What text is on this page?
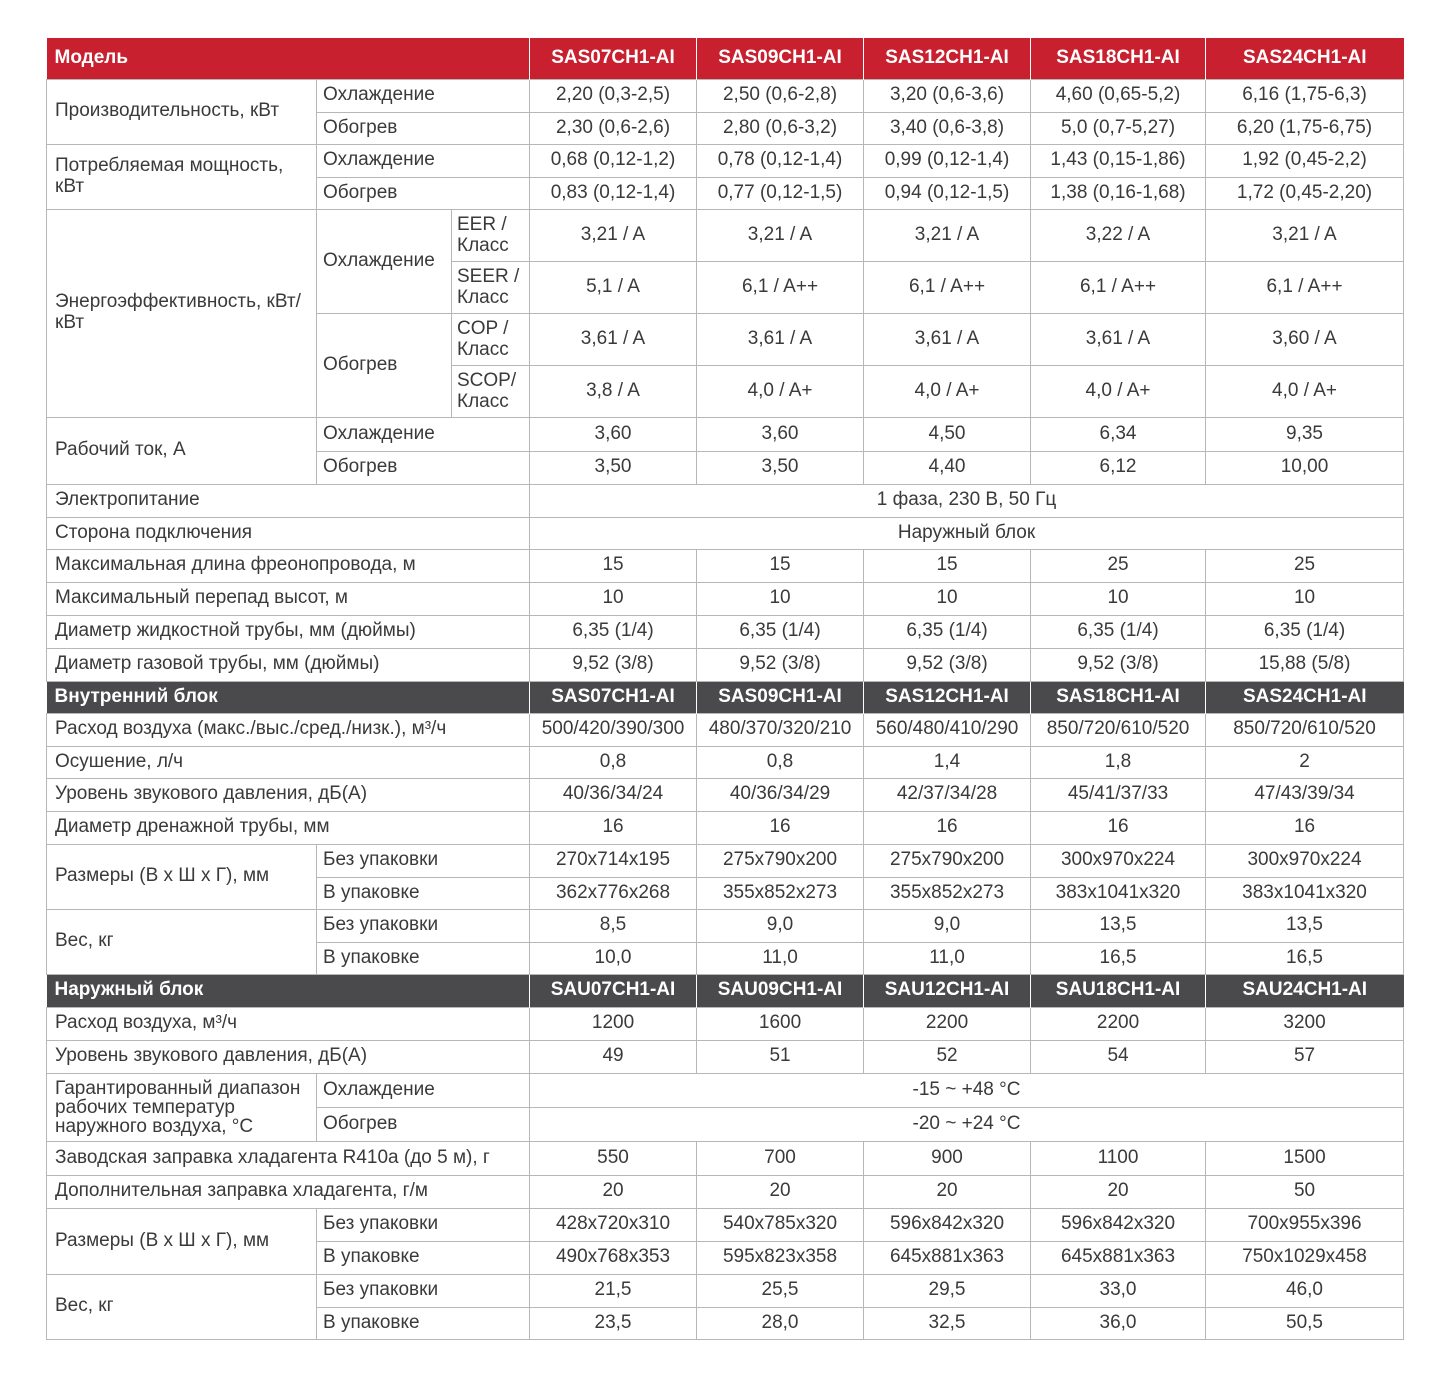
Модель			SAS07CH1-AI	SAS09CH1-AI	SAS12CH1-AI	SAS18CH1-AI	SAS24CH1-AI
Производительность, кВт	Охлаждение		2,20 (0,3-2,5)	2,50 (0,6-2,8)	3,20 (0,6-3,6)	4,60 (0,65-5,2)	6,16 (1,75-6,3)
	Обогрев		2,30 (0,6-2,6)	2,80 (0,6-3,2)	3,40 (0,6-3,8)	5,0 (0,7-5,27)	6,20 (1,75-6,75)
Потребляемая мощность, кВт	Охлаждение		0,68 (0,12-1,2)	0,78 (0,12-1,4)	0,99 (0,12-1,4)	1,43 (0,15-1,86)	1,92 (0,45-2,2)
	Обогрев		0,83 (0,12-1,4)	0,77 (0,12-1,5)	0,94 (0,12-1,5)	1,38 (0,16-1,68)	1,72 (0,45-2,20)
Энергоэффективность, кВт/кВт	Охлаждение	EER / Класс	3,21 / A	3,21 / A	3,21 / A	3,22 / A	3,21 / A
		SEER / Класс	5,1 / A	6,1 / A++	6,1 / A++	6,1 / A++	6,1 / A++
	Обогрев	COP / Класс	3,61 / A	3,61 / A	3,61 / A	3,61 / A	3,60 / A
		SCOP/ Класс	3,8 / A	4,0 / A+	4,0 / A+	4,0 / A+	4,0 / A+
Рабочий ток, А	Охлаждение		3,60	3,60	4,50	6,34	9,35
	Обогрев		3,50	3,50	4,40	6,12	10,00
Электропитание			1 фаза, 230 В, 50 Гц				
Сторона подключения			Наружный блок				
Максимальная длина фреонопровода, м			15	15	15	25	25
Максимальный перепад высот, м			10	10	10	10	10
Диаметр жидкостной трубы, мм (дюймы)			6,35 (1/4)	6,35 (1/4)	6,35 (1/4)	6,35 (1/4)	6,35 (1/4)
Диаметр газовой трубы, мм (дюймы)			9,52 (3/8)	9,52 (3/8)	9,52 (3/8)	9,52 (3/8)	15,88 (5/8)
Внутренний блок			SAS07CH1-AI	SAS09CH1-AI	SAS12CH1-AI	SAS18CH1-AI	SAS24CH1-AI
Расход воздуха (макс./выс./сред./низк.), м³/ч			500/420/390/300	480/370/320/210	560/480/410/290	850/720/610/520	850/720/610/520
Осушение, л/ч			0,8	0,8	1,4	1,8	2
Уровень звукового давления, дБ(А)			40/36/34/24	40/36/34/29	42/37/34/28	45/41/37/33	47/43/39/34
Диаметр дренажной трубы, мм			16	16	16	16	16
Размеры (В x Ш x Г), мм	Без упаковки		270x714x195	275x790x200	275x790x200	300x970x224	300x970x224
	В упаковке		362x776x268	355x852x273	355x852x273	383x1041x320	383x1041x320
Вес, кг	Без упаковки		8,5	9,0	9,0	13,5	13,5
	В упаковке		10,0	11,0	11,0	16,5	16,5
Наружный блок			SAU07CH1-AI	SAU09CH1-AI	SAU12CH1-AI	SAU18CH1-AI	SAU24CH1-AI
Расход воздуха, м³/ч			1200	1600	2200	2200	3200
Уровень звукового давления, дБ(А)			49	51	52	54	57
Гарантированный диапазон рабочих температур наружного воздуха, °С	Охлаждение		-15 ~ +48 °С				
	Обогрев		-20 ~ +24 °С				
Заводская заправка хладагента R410a (до 5 м), г			550	700	900	1100	1500
Дополнительная заправка хладагента, г/м			20	20	20	20	50
Размеры (В x Ш x Г), мм	Без упаковки		428x720x310	540x785x320	596x842x320	596x842x320	700x955x396
	В упаковке		490x768x353	595x823x358	645x881x363	645x881x363	750x1029x458
Вес, кг	Без упаковки		21,5	25,5	29,5	33,0	46,0
	В упаковке		23,5	28,0	32,5	36,0	50,5
